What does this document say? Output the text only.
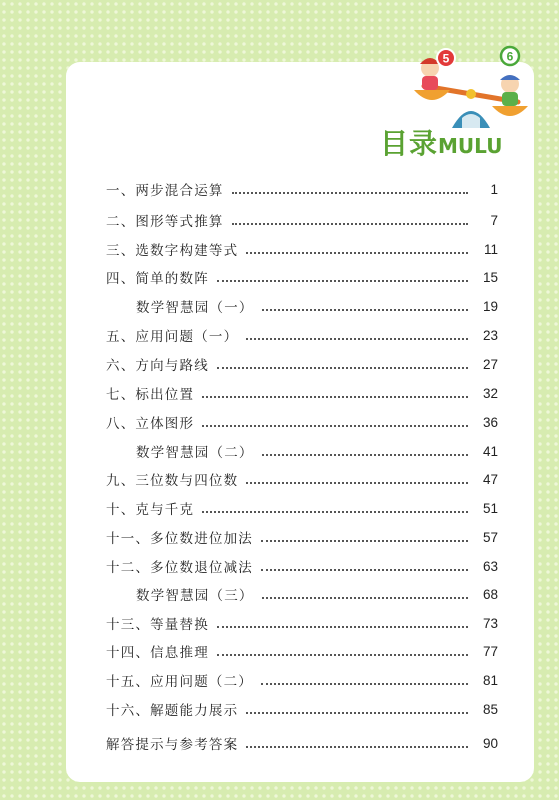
5	6
目录MULU
一、两步混合运算	1
二、图形等式推算	7
三、选数字构建等式	11
四、简单的数阵	15
数学智慧园（一）	19
五、应用问题（一）	23
六、方向与路线	27
七、标出位置	32
八、立体图形	36
数学智慧园（二）	41
九、三位数与四位数	47
十、克与千克	51
十一、多位数进位加法	57
十二、多位数退位减法	63
数学智慧园（三）	68
十三、等量替换	73
十四、信息推理	77
十五、应用问题（二）	81
十六、解题能力展示	85
解答提示与参考答案	90
